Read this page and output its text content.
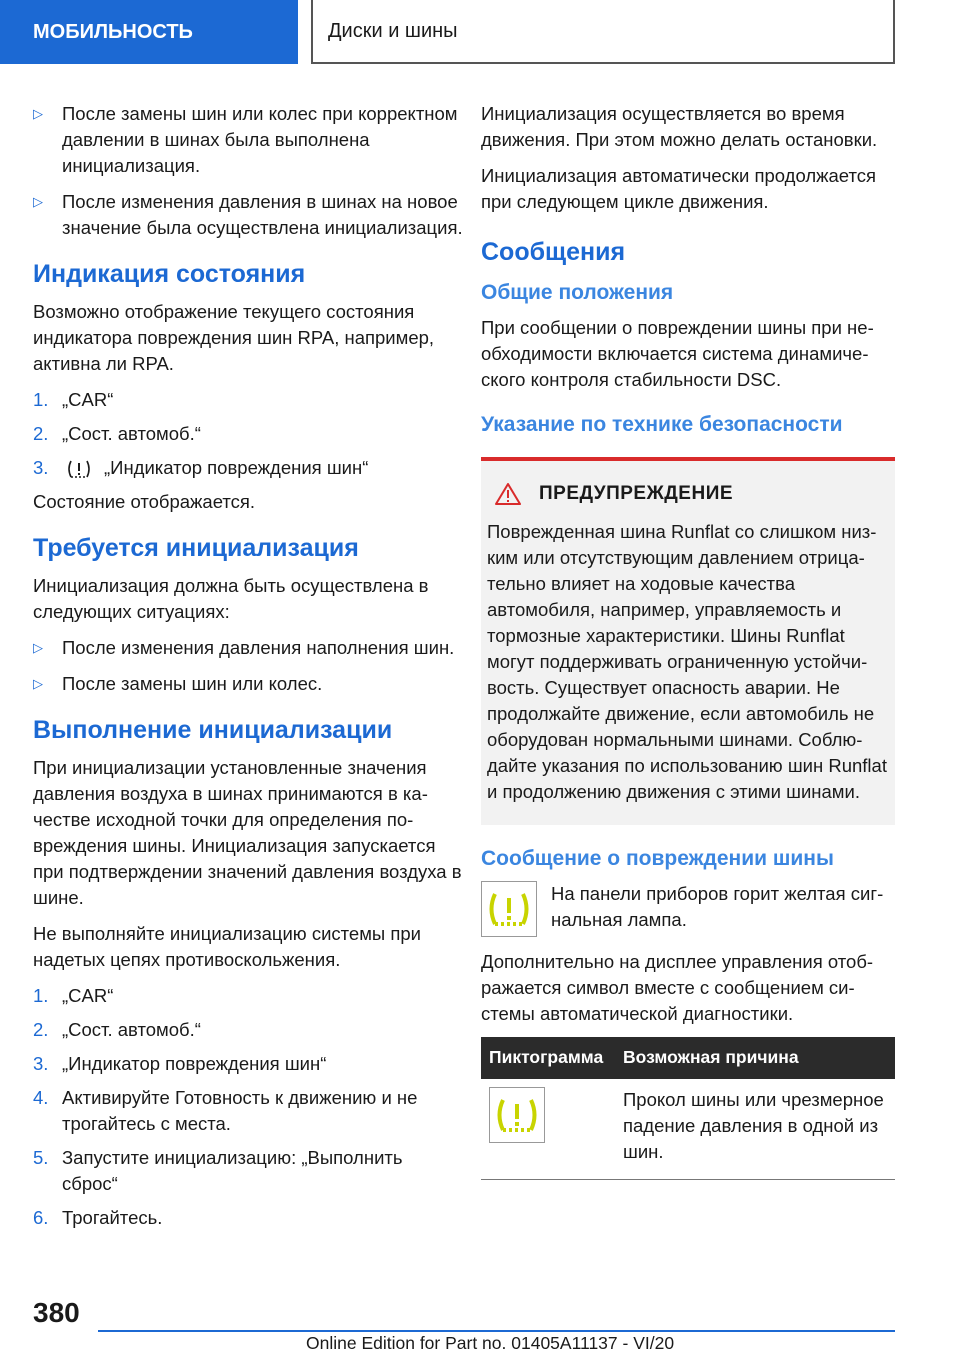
МОБИЛЬНОСТЬ	Диски и шины
▷	После замены шин или колес при корректном давлении в шинах была выполнена инициализация.
▷	После изменения давления в шинах на новое значение была осуществлена инициализация.
Индикация состояния

Возможно отображение текущего состояния индикатора повреждения шин RPA, например, активна ли RPA.

1. „CAR“
2. „Сост. автомоб.“
3.	„Индикатор повреждения шин“

Состояние отображается.

Требуется инициализация

Инициализация должна быть осуществлена в следующих ситуациях:

▷	После изменения давления наполнения шин.
▷	После замены шин или колес.
Выполнение инициализации

При инициализации установленные значения давления воздуха в шинах принимаются в качестве исходной точки для определения повреждения шины. Инициализация запускается при подтверждении значений давления воздуха в шине.

Не выполняйте инициализацию системы при надетых цепях противоскольжения.

1. „CAR“
2. „Сост. автомоб.“
3. „Индикатор повреждения шин“
4. Активируйте Готовность к движению и не трогайтесь с места.
5. Запустите инициализацию: „Выполнить сброс“
6. Трогайтесь.

Инициализация осуществляется во время движения. При этом можно делать остановки.

Инициализация автоматически продолжается при следующем цикле движения.

Сообщения
Общие положения

При сообщении о повреждении шины при необходимости включается система динамического контроля стабильности DSC.

Указание по технике безопасности
ПРЕДУПРЕЖДЕНИЕ
Поврежденная шина Runflat со слишком низким или отсутствующим давлением отрицательно влияет на ходовые качества автомобиля, например, управляемость и тормозные характеристики. Шины Runflat могут поддерживать ограниченную устойчивость. Существует опасность аварии. Не продолжайте движение, если автомобиль не оборудован нормальными шинами. Соблюдайте указания по использованию шин Runflat и продолжению движения с этими шинами.
Сообщение о повреждении шины
На панели приборов горит желтая сигнальная лампа.

Дополнительно на дисплее управления отображается символ вместе с сообщением системы автоматической диагностики.

Пиктограмма	Возможная причина

	Прокол шины или чрезмерное падение давления в одной из шин.
380
Online Edition for Part no. 01405A11137 - VI/20
